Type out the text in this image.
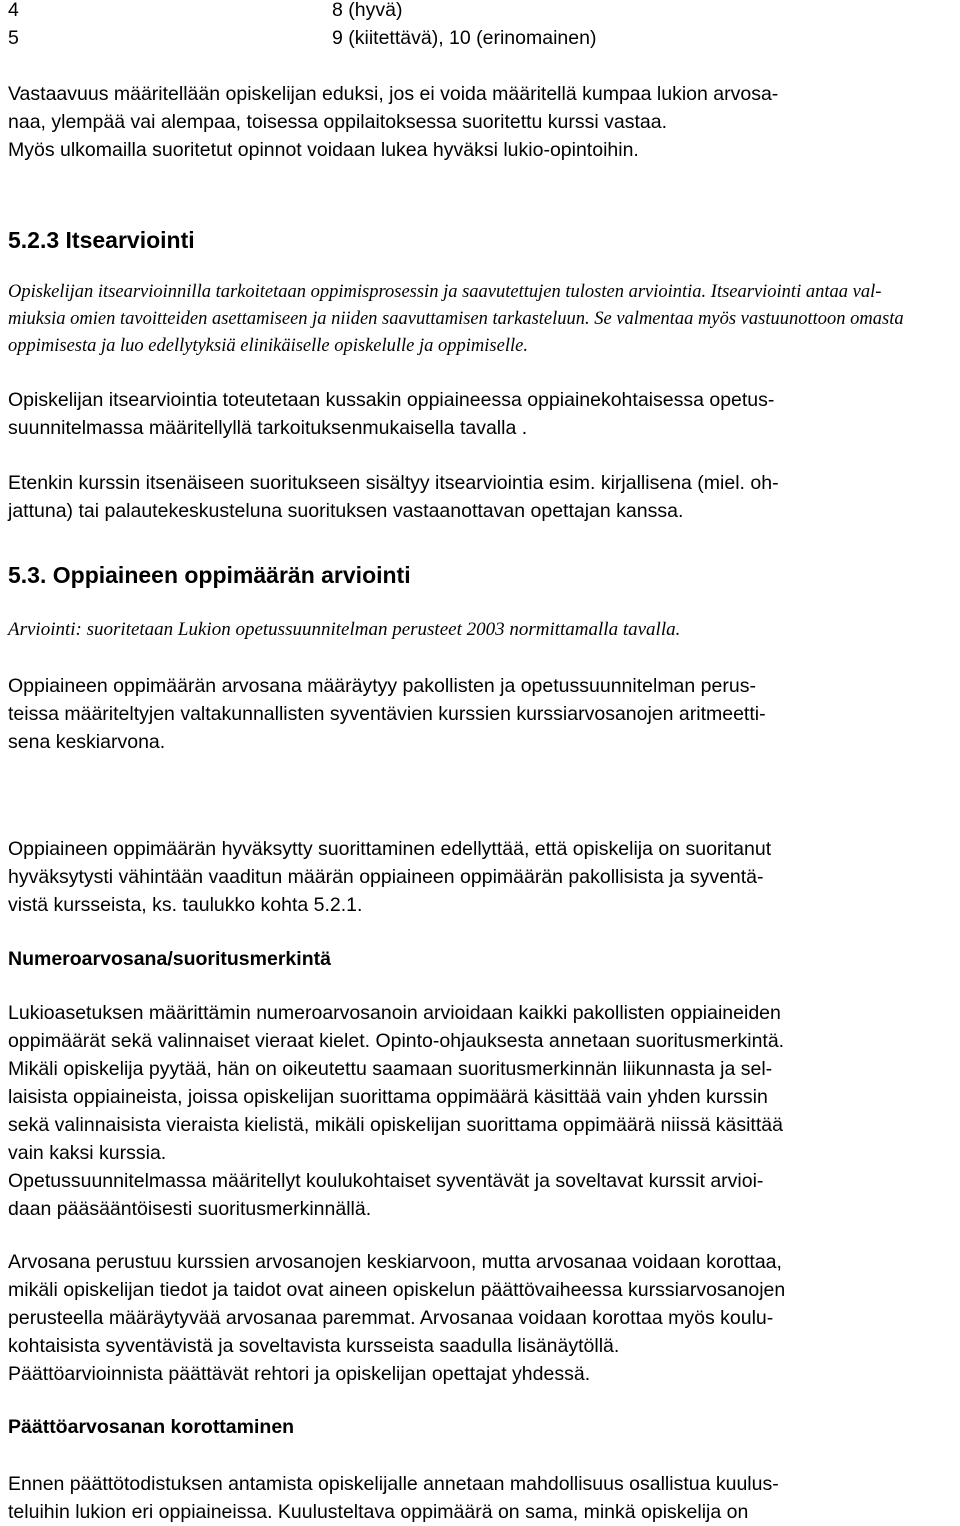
4	8 (hyvä)
5	9 (kiitettävä), 10 (erinomainen)

Vastaavuus määritellään opiskelijan eduksi, jos ei voida määritellä kumpaa lukion arvosa-
naa, ylempää vai alempaa, toisessa oppilaitoksessa suoritettu kurssi vastaa.
Myös ulkomailla suoritetut opinnot voidaan lukea hyväksi lukio-opintoihin.

5.2.3 Itsearviointi

Opiskelijan itsearvioinnilla tarkoitetaan oppimisprosessin ja saavutettujen tulosten arviointia. Itsearviointi antaa val-
miuksia omien tavoitteiden asettamiseen ja niiden saavuttamisen tarkasteluun. Se valmentaa myös vastuunottoon omasta
oppimisesta ja luo edellytyksiä elinikäiselle opiskelulle ja oppimiselle.

Opiskelijan itsearviointia toteutetaan kussakin oppiaineessa oppiainekohtaisessa opetus-
suunnitelmassa määritellyllä tarkoituksenmukaisella tavalla .

Etenkin kurssin itsenäiseen suoritukseen sisältyy itsearviointia esim. kirjallisena (miel. oh-
jattuna) tai palautekeskusteluna suorituksen vastaanottavan opettajan kanssa.

5.3. Oppiaineen oppimäärän arviointi

Arviointi: suoritetaan Lukion opetussuunnitelman perusteet 2003 normittamalla tavalla.

Oppiaineen oppimäärän arvosana määräytyy pakollisten ja opetussuunnitelman perus-
teissa määriteltyjen valtakunnallisten syventävien kurssien kurssiarvosanojen aritmeetti-
sena keskiarvona.

Oppiaineen oppimäärän hyväksytty suorittaminen edellyttää, että opiskelija on suoritanut
hyväksytysti vähintään vaaditun määrän oppiaineen oppimäärän pakollisista ja syventä-
vistä kursseista, ks. taulukko kohta 5.2.1.

Numeroarvosana/suoritusmerkintä

Lukioasetuksen määrittämin numeroarvosanoin arvioidaan kaikki pakollisten oppiaineiden
oppimäärät sekä valinnaiset vieraat kielet. Opinto-ohjauksesta annetaan suoritusmerkintä.
Mikäli opiskelija pyytää, hän on oikeutettu saamaan suoritusmerkinnän liikunnasta ja sel-
laisista oppiaineista, joissa opiskelijan suorittama oppimäärä käsittää vain yhden kurssin
sekä valinnaisista vieraista kielistä, mikäli opiskelijan suorittama oppimäärä niissä käsittää
vain kaksi kurssia.
Opetussuunnitelmassa määritellyt koulukohtaiset syventävät ja soveltavat kurssit arvioi-
daan pääsääntöisesti suoritusmerkinnällä.

Arvosana perustuu kurssien arvosanojen keskiarvoon, mutta arvosanaa voidaan korottaa,
mikäli opiskelijan tiedot ja taidot ovat aineen opiskelun päättövaiheessa kurssiarvosanojen
perusteella määräytyvää arvosanaa paremmat. Arvosanaa voidaan korottaa myös koulu-
kohtaisista syventävistä ja soveltavista kursseista saadulla lisänäytöllä.
Päättöarvioinnista päättävät rehtori ja opiskelijan opettajat yhdessä.

Päättöarvosanan korottaminen

Ennen päättötodistuksen antamista opiskelijalle annetaan mahdollisuus osallistua kuulus-
teluihin lukion eri oppiaineissa. Kuulusteltava oppimäärä on sama, minkä opiskelija on
